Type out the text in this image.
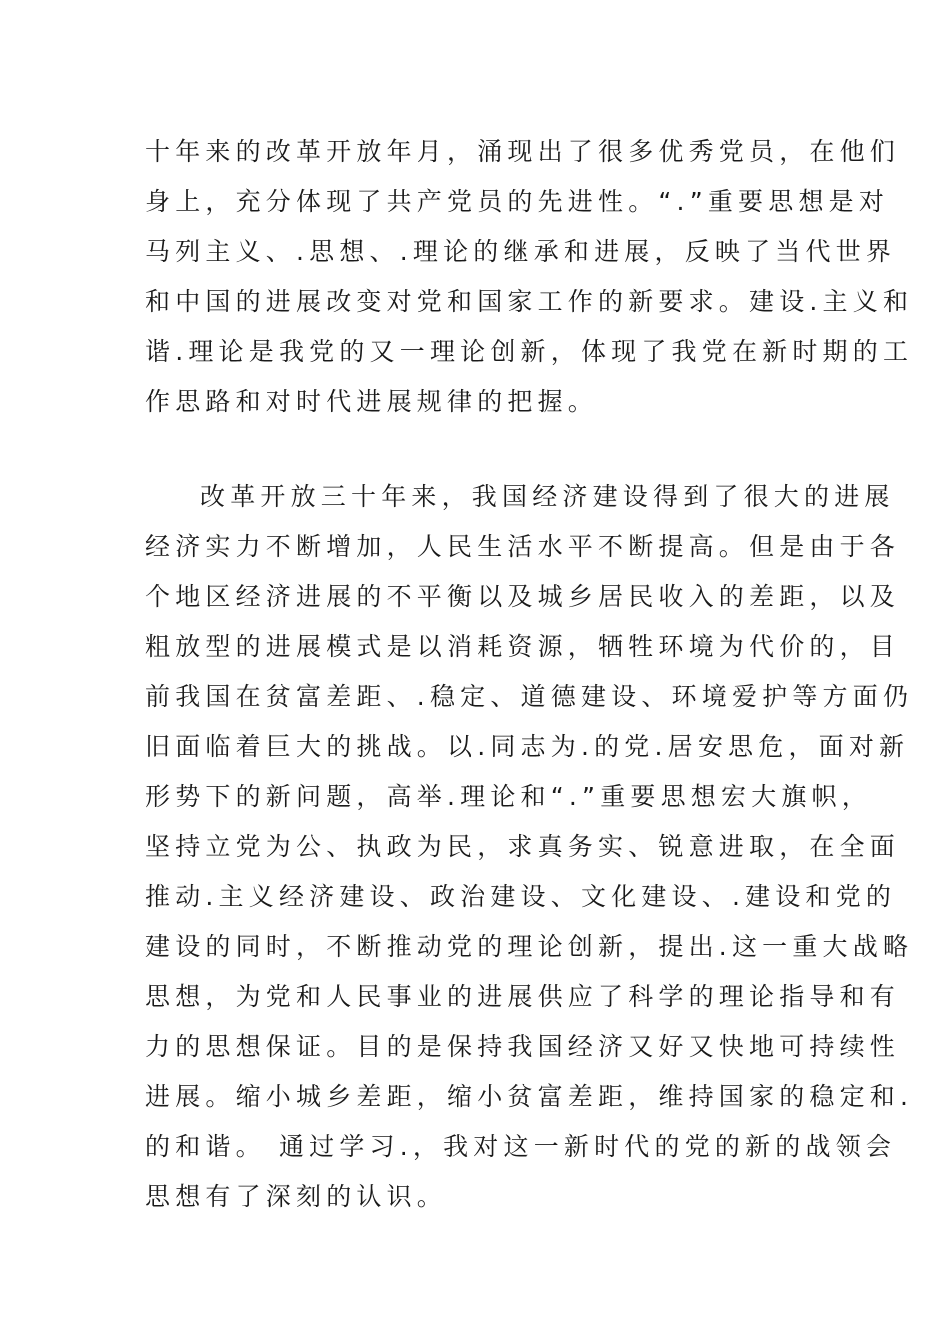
十年来的改革开放年月，涌现出了很多优秀党员，在他们
身上，充分体现了共产党员的先进性。“.”重要思想是对
马列主义、.思想、.理论的继承和进展，反映了当代世界
和中国的进展改变对党和国家工作的新要求。建设.主义和
谐.理论是我党的又一理论创新，体现了我党在新时期的工
作思路和对时代进展规律的把握。
改革开放三十年来，我国经济建设得到了很大的进展
经济实力不断增加，人民生活水平不断提高。但是由于各
个地区经济进展的不平衡以及城乡居民收入的差距，以及
粗放型的进展模式是以消耗资源，牺牲环境为代价的，目
前我国在贫富差距、.稳定、道德建设、环境爱护等方面仍
旧面临着巨大的挑战。以.同志为.的党.居安思危，面对新
形势下的新问题，高举.理论和“.”重要思想宏大旗帜，
坚持立党为公、执政为民，求真务实、锐意进取，在全面
推动.主义经济建设、政治建设、文化建设、.建设和党的
建设的同时，不断推动党的理论创新，提出.这一重大战略
思想，为党和人民事业的进展供应了科学的理论指导和有
力的思想保证。目的是保持我国经济又好又快地可持续性
进展。缩小城乡差距，缩小贫富差距，维持国家的稳定和.
的和谐。 通过学习.，我对这一新时代的党的新的战领会
思想有了深刻的认识。
